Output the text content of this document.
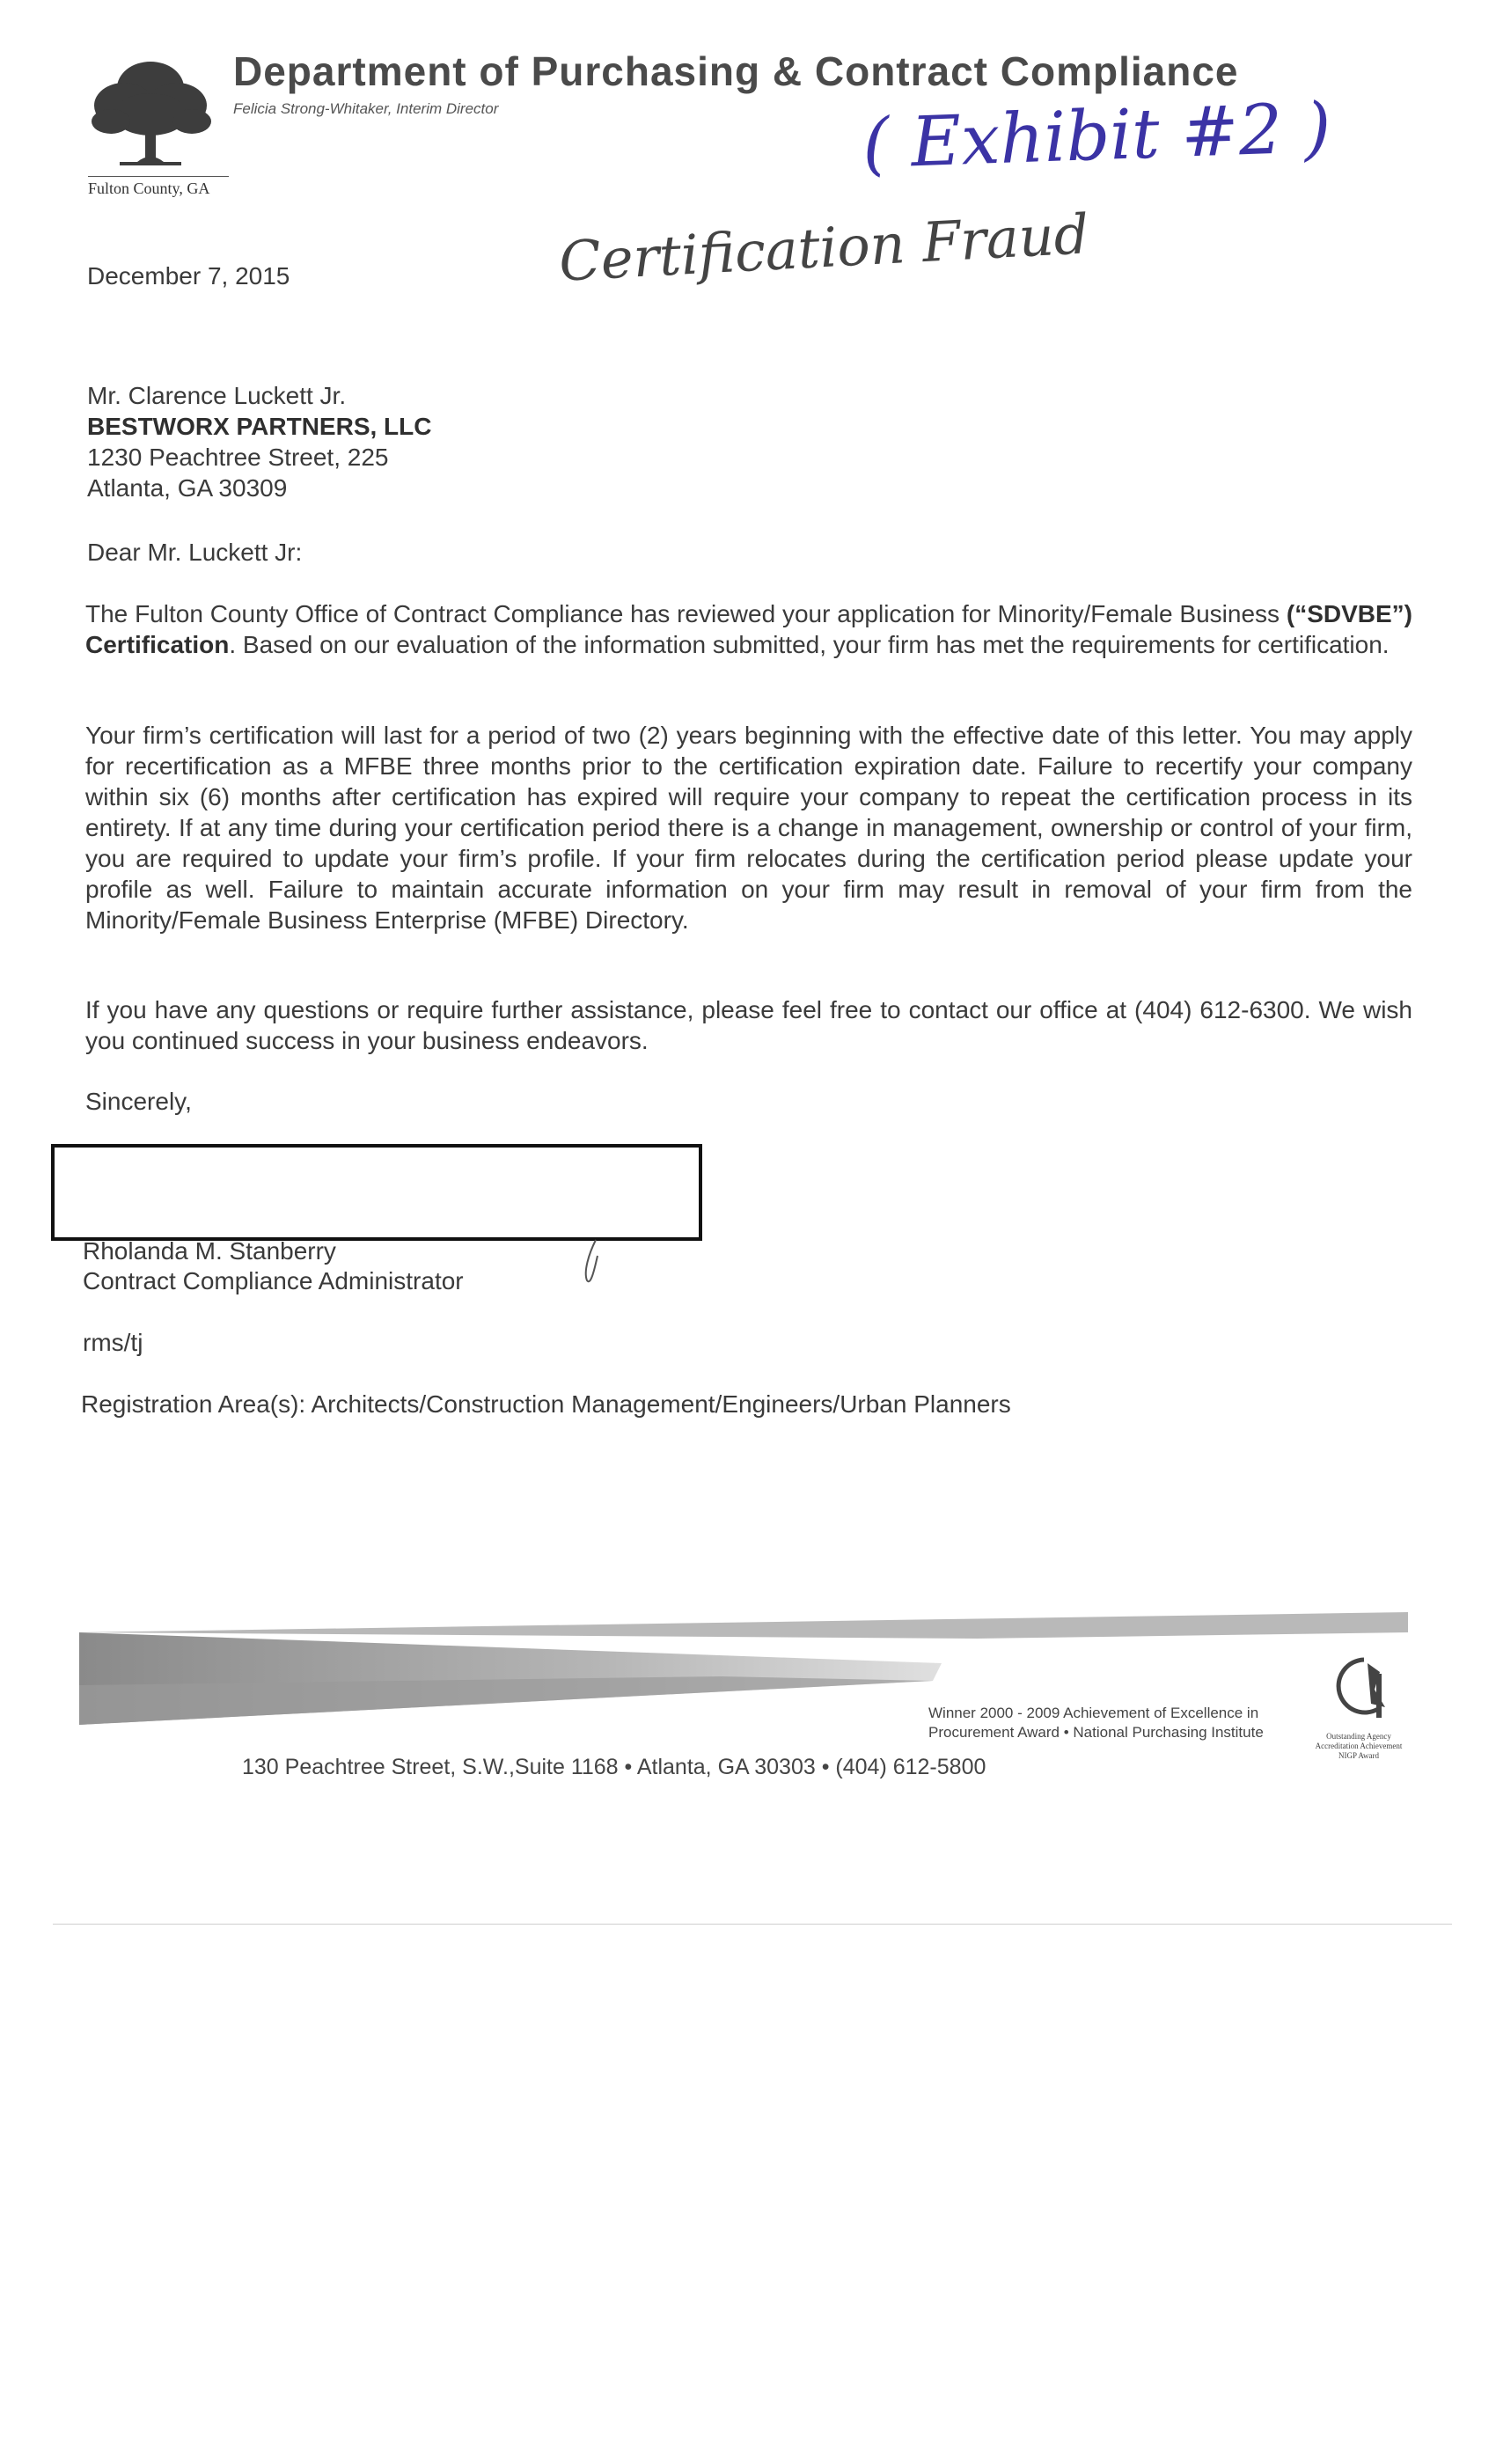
Fulton County, GA
Department of Purchasing & Contract Compliance
Felicia Strong-Whitaker, Interim Director	( Exhibit #2 )
Certification Fraud
December 7, 2015
Mr. Clarence Luckett Jr.
BESTWORX PARTNERS, LLC
1230 Peachtree Street, 225
Atlanta, GA 30309
Dear Mr. Luckett Jr:
The Fulton County Office of Contract Compliance has reviewed your application for Minority/Female Business (“SDVBE”) Certification. Based on our evaluation of the information submitted, your firm has met the requirements for certification.
Your firm’s certification will last for a period of two (2) years beginning with the effective date of this letter. You may apply for recertification as a MFBE three months prior to the certification expiration date. Failure to recertify your company within six (6) months after certification has expired will require your company to repeat the certification process in its entirety. If at any time during your certification period there is a change in management, ownership or control of your firm, you are required to update your firm’s profile. If your firm relocates during the certification period please update your profile as well. Failure to maintain accurate information on your firm may result in removal of your firm from the Minority/Female Business Enterprise (MFBE) Directory.
If you have any questions or require further assistance, please feel free to contact our office at (404) 612-6300. We wish you continued success in your business endeavors.
Sincerely,
Rholanda M. Stanberry
Contract Compliance Administrator
rms/tj
Registration Area(s): Architects/Construction Management/Engineers/Urban Planners
Winner 2000 - 2009 Achievement of Excellence in
Procurement Award • National Purchasing Institute	Outstanding Agency Accreditation Achievement NIGP Award
130 Peachtree Street, S.W.,Suite 1168 • Atlanta, GA 30303 • (404) 612-5800
